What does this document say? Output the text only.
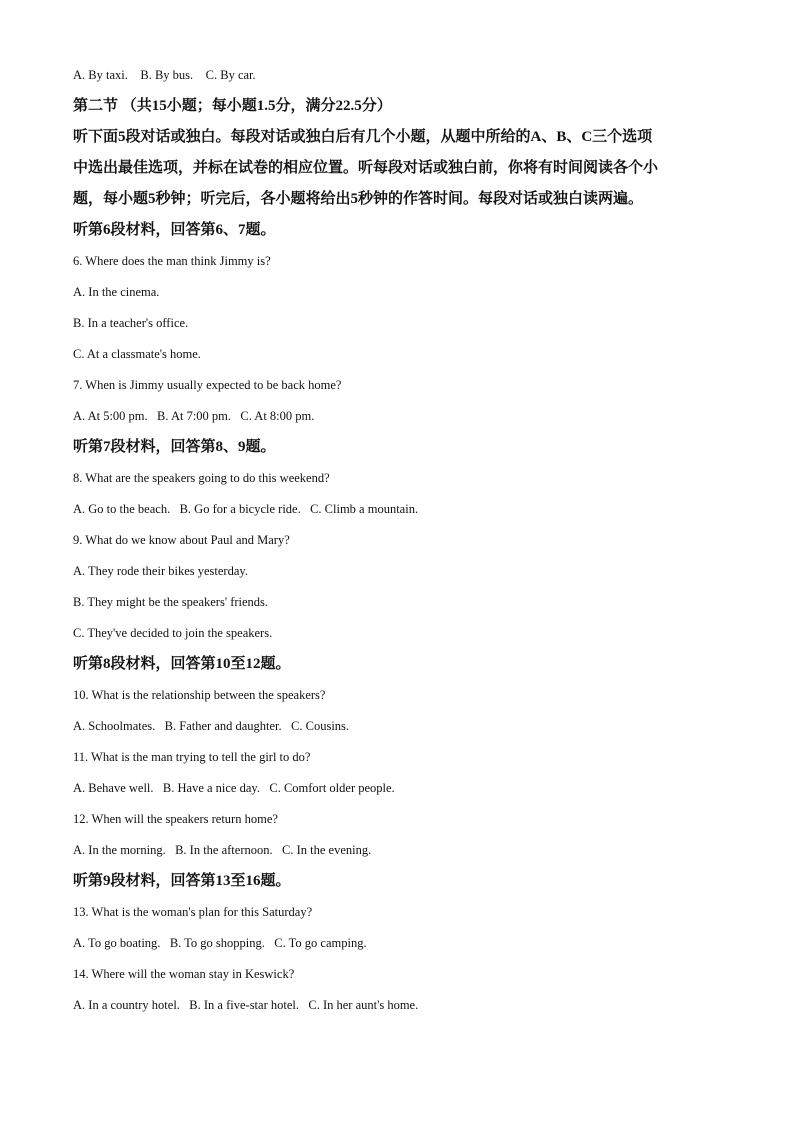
A. By taxi. B. By bus. C. By car.
第二节 （共15小题；每小题1.5分，满分22.5分）
听下面5段对话或独白。每段对话或独白后有几个小题，从题中所给的A、B、C三个选项
中选出最佳选项，并标在试卷的相应位置。听每段对话或独白前，你将有时间阅读各个小
题，每小题5秒钟；听完后，各小题将给出5秒钟的作答时间。每段对话或独白读两遍。
听第6段材料，回答第6、7题。
6. Where does the man think Jimmy is?
A. In the cinema.
B. In a teacher's office.
C. At a classmate's home.
7. When is Jimmy usually expected to be back home?
A. At 5:00 pm. B. At 7:00 pm. C. At 8:00 pm.
听第7段材料，回答第8、9题。
8. What are the speakers going to do this weekend?
A. Go to the beach. B. Go for a bicycle ride. C. Climb a mountain.
9. What do we know about Paul and Mary?
A. They rode their bikes yesterday.
B. They might be the speakers' friends.
C. They've decided to join the speakers.
听第8段材料，回答第10至12题。
10. What is the relationship between the speakers?
A. Schoolmates. B. Father and daughter. C. Cousins.
11. What is the man trying to tell the girl to do?
A. Behave well. B. Have a nice day. C. Comfort older people.
12. When will the speakers return home?
A. In the morning. B. In the afternoon. C. In the evening.
听第9段材料，回答第13至16题。
13. What is the woman's plan for this Saturday?
A. To go boating. B. To go shopping. C. To go camping.
14. Where will the woman stay in Keswick?
A. In a country hotel. B. In a five-star hotel. C. In her aunt's home.
